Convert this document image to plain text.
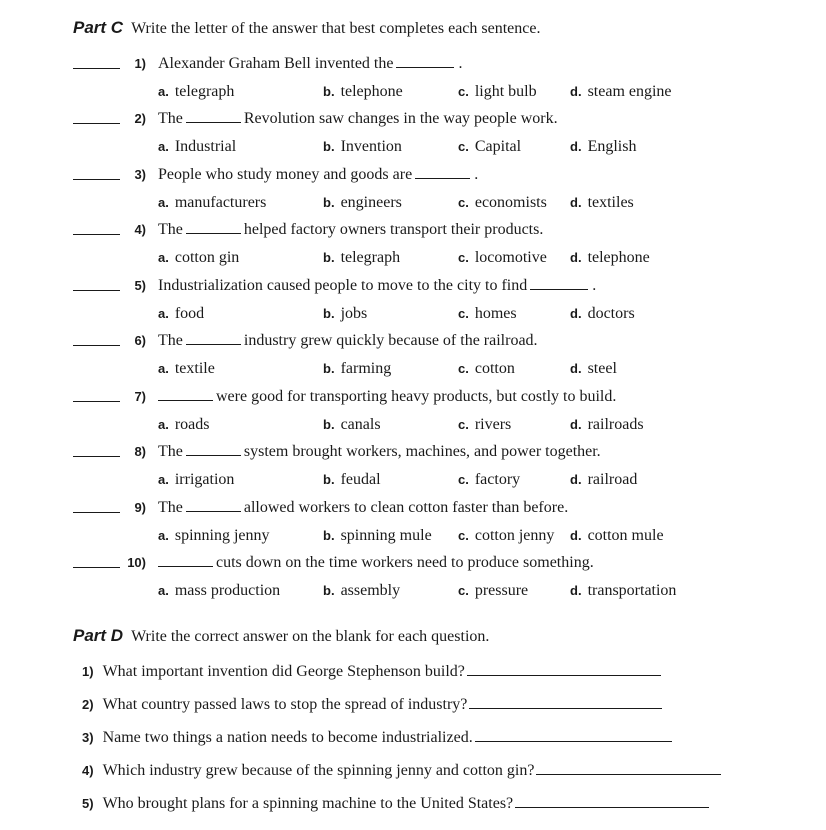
Part C Write the letter of the answer that best completes each sentence.
1) Alexander Graham Bell invented the	.
a. telegraph	b. telephone	c. light bulb	d. steam engine
2) The	Revolution saw changes in the way people work.
a. Industrial	b. Invention	c. Capital	d. English
3) People who study money and goods are	.
a. manufacturers	b. engineers	c. economists d. textiles
4) The	helped factory owners transport their products.
a. cotton gin	b. telegraph	c. locomotive d. telephone
5) Industrialization caused people to move to the city to find	.
a. food	b. jobs	c. homes	d. doctors
6) The	industry grew quickly because of the railroad.
a. textile	b. farming	c. cotton	d. steel
7)	were good for transporting heavy products, but costly to build.
a. roads	b. canals	c. rivers	d. railroads
8) The	system brought workers, machines, and power together.
a. irrigation	b. feudal	c. factory	d. railroad
9) The	allowed workers to clean cotton faster than before.
a. spinning jenny	b. spinning mule c. cotton jenny d. cotton mule
10)	cuts down on the time workers need to produce something.
a. mass production	b. assembly	c. pressure	d. transportation
Part D Write the correct answer on the blank for each question.
1) What important invention did George Stephenson build?
2) What country passed laws to stop the spread of industry?
3) Name two things a nation needs to become industrialized.
4) Which industry grew because of the spinning jenny and cotton gin?
5) Who brought plans for a spinning machine to the United States?
